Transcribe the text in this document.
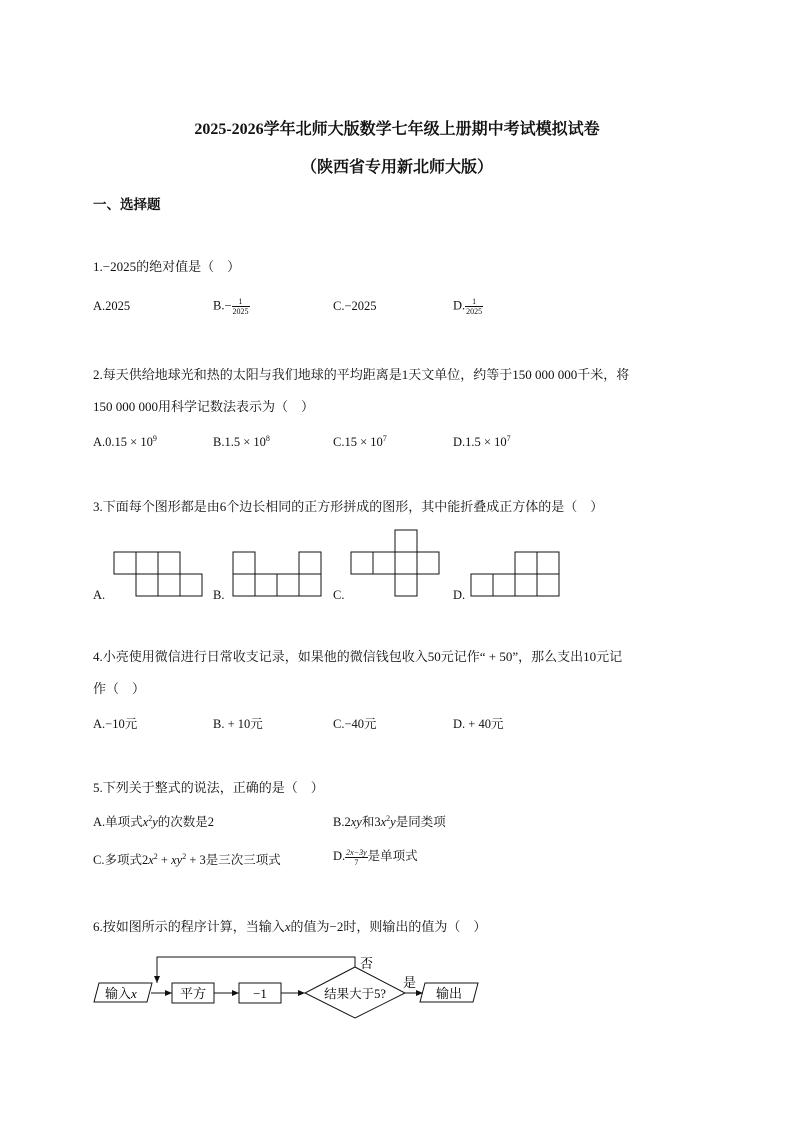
2025-2026学年北师大版数学七年级上册期中考试模拟试卷
（陕西省专用新北师大版）
一、选择题
1.−2025的绝对值是（　）
A.2025	$B.- \frac{1}{2025}$	C.−2025	D. $\frac{1}{2025}$
2.每天供给地球光和热的太阳与我们地球的平均距离是1天文单位，约等于150 000 000千米，将
150 000 000用科学记数法表示为（　）
$A.0.15 \times 10^9$	$B.1.5 \times 10^8$	$C.15 \times 10^7$	$D.1.5 \times 10^7$
3.下面每个图形都是由6个边长相同的正方形拼成的图形，其中能折叠成正方体的是（　）
A.	B.	C.	D.
4.小亮使用微信进行日常收支记录，如果他的微信钱包收入50元记作“ + 50”，那么支出10元记
作（　）
A.−10元	B. + 10元	C.−40元	D. + 40元
5.下列关于整式的说法，正确的是（　）
A.单项式$x^2y$的次数是2	B.2xy和$3x^2y$是同类项
C.多项式$2x^2 + xy^2 + 3$是三次三项式	D. $\frac{2x-3y}{7}$ 是单项式
6.按如图所示的程序计算，当输入x的值为−2时，则输出的值为（　）
输入x	平方	−1	结果大于5?
是
否
输出
